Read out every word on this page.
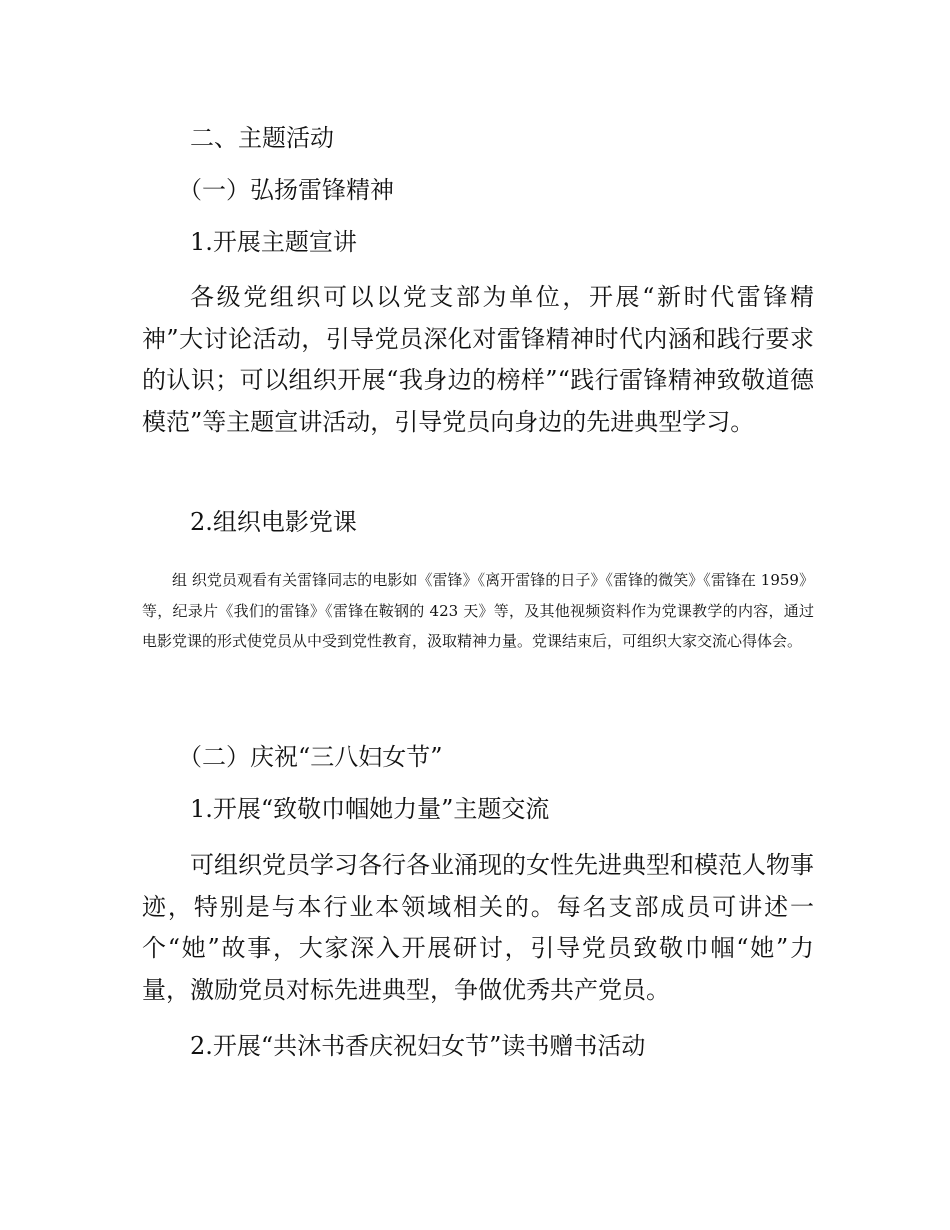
二、主题活动
（一）弘扬雷锋精神
1.开展主题宣讲

各级党组织可以以党支部为单位，开展“新时代雷锋精神”大讨论活动，引导党员深化对雷锋精神时代内涵和践行要求的认识；可以组织开展“我身边的榜样”“践行雷锋精神致敬道德模范”等主题宣讲活动，引导党员向身边的先进典型学习。

2.组织电影党课

组 织党员观看有关雷锋同志的电影如《雷锋》《离开雷锋的日子》《雷锋的微笑》《雷锋在 1959》等，纪录片《我们的雷锋》《雷锋在鞍钢的 423 天》等，及其他视频资料作为党课教学的内容，通过电影党课的形式使党员从中受到党性教育，汲取精神力量。党课结束后，可组织大家交流心得体会。

（二）庆祝“三八妇女节”
1.开展“致敬巾帼她力量”主题交流

可组织党员学习各行各业涌现的女性先进典型和模范人物事迹，特别是与本行业本领域相关的。每名支部成员可讲述一个“她”故事，大家深入开展研讨，引导党员致敬巾帼“她”力量，激励党员对标先进典型，争做优秀共产党员。

2.开展“共沐书香庆祝妇女节”读书赠书活动
